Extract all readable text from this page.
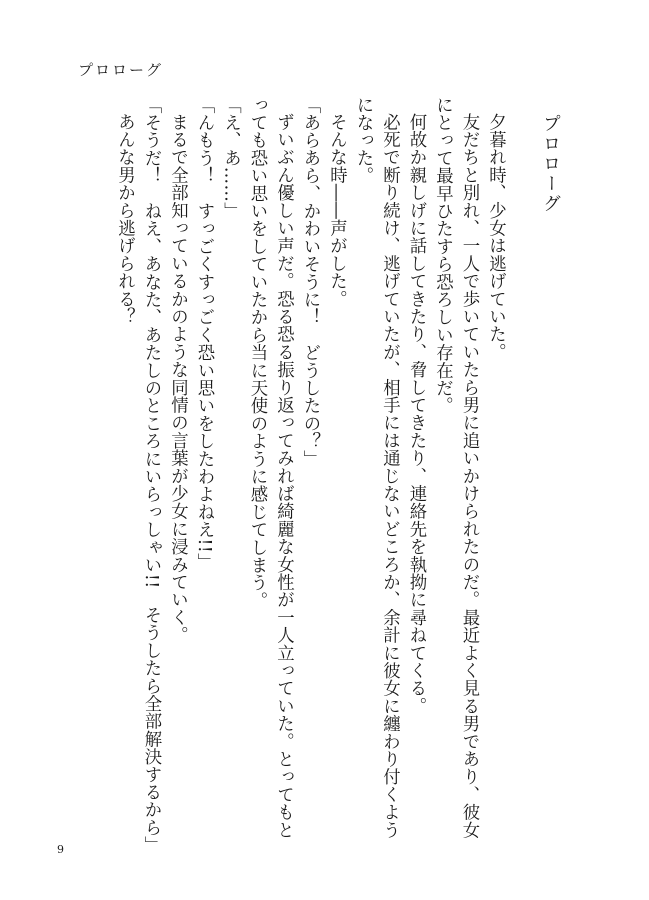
プロローグ
プロローグ

夕暮れ時、少女は逃げていた。

友だちと別れ、一人で歩いていたら男に追いかけられたのだ。最近よく見る男であり、彼女にとって最早ひたすら恐ろしい存在だ。

何故か親しげに話してきたり、脅してきたり、連絡先を執拗に尋ねてくる。

必死で断り続け、逃げていたが、相手には通じないどころか、余計に彼女に纏わり付くようになった。

そんな時――声がした。

「あらあら、かわいそうに！　どうしたの？」

ずいぶん優しい声だ。恐る恐る振り返ってみれば綺麗な女性が一人立っていた。とってもとっても恐い思いをしていたから当に天使のように感じてしまう。

「え、あ……」

「んもう！　すっごくすっごく恐い思いをしたわよねえ!!」

まるで全部知っているかのような同情の言葉が少女に浸みていく。

「そうだ！　ねえ、あなた、あたしのところにいらっしゃい!!　そうしたら全部解決するから」

あんな男から逃げられる？

9
